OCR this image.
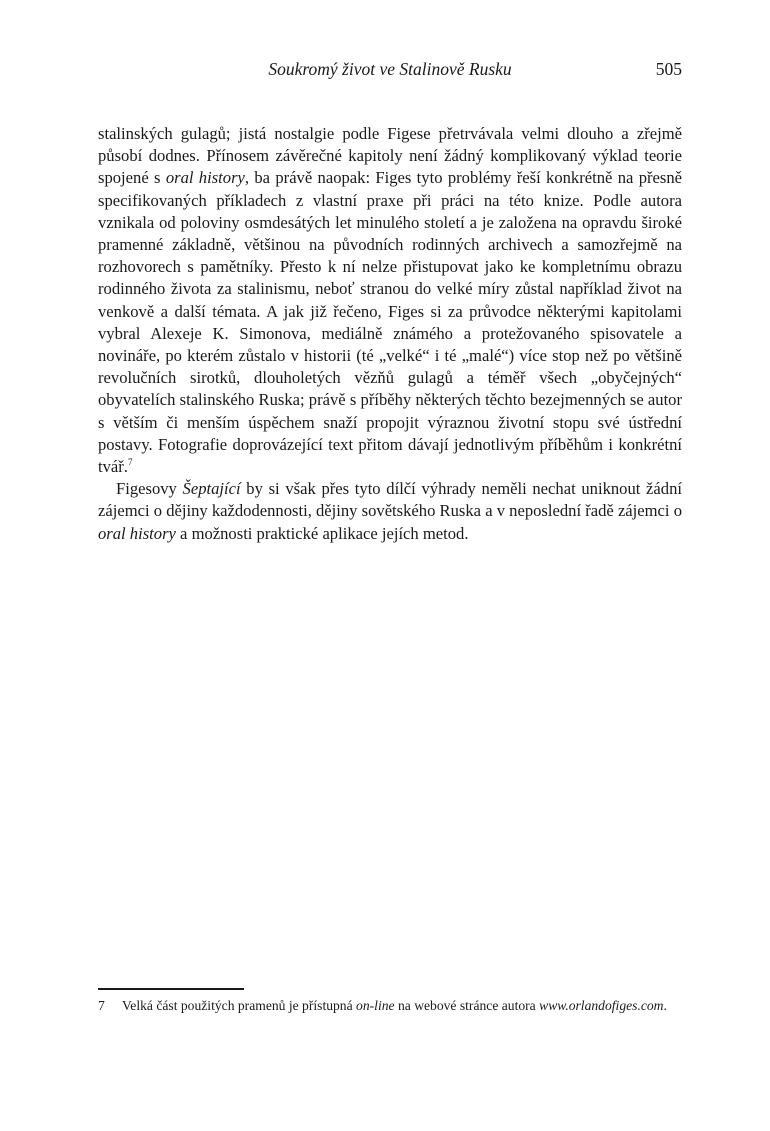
Soukromý život ve Stalinově Rusku	505

stalinských gulagů; jistá nostalgie podle Figese přetrvávala velmi dlouho a zřejmě působí dodnes. Přínosem závěrečné kapitoly není žádný komplikovaný výklad teorie spojené s oral history, ba právě naopak: Figes tyto problémy řeší konkrétně na přesně specifikovaných příkladech z vlastní praxe při práci na této knize. Podle autora vznikala od poloviny osmdesátých let minulého století a je založena na opravdu široké pramenné základně, většinou na původních rodinných archivech a samozřejmě na rozhovorech s pamětníky. Přesto k ní nelze přistupovat jako ke kompletnímu obrazu rodinného života za stalinismu, neboť stranou do velké míry zůstal například život na venkově a další témata. A jak již řečeno, Figes si za průvodce některými kapitolami vybral Alexeje K. Simonova, mediálně známého a protežovaného spisovatele a novináře, po kterém zůstalo v historii (té „velké“ i té „malé“) více stop než po většině revolučních sirotků, dlouholetých vězňů gulagů a téměř všech „obyčejných“ obyvatelích stalinského Ruska; právě s příběhy některých těchto bezejmenných se autor s větším či menším úspěchem snaží propojit výraznou životní stopu své ústřední postavy. Fotografie doprovázející text přitom dávají jednotlivým příběhům i konkrétní tvář.$^7$

Figesovy Šeptající by si však přes tyto dílčí výhrady neměli nechat uniknout žádní zájemci o dějiny každodennosti, dějiny sovětského Ruska a v neposlední řadě zájemci o oral history a možnosti praktické aplikace jejích metod.

7 Velká část použitých pramenů je přístupná on-line na webové stránce autora www.orlandofiges.com.
